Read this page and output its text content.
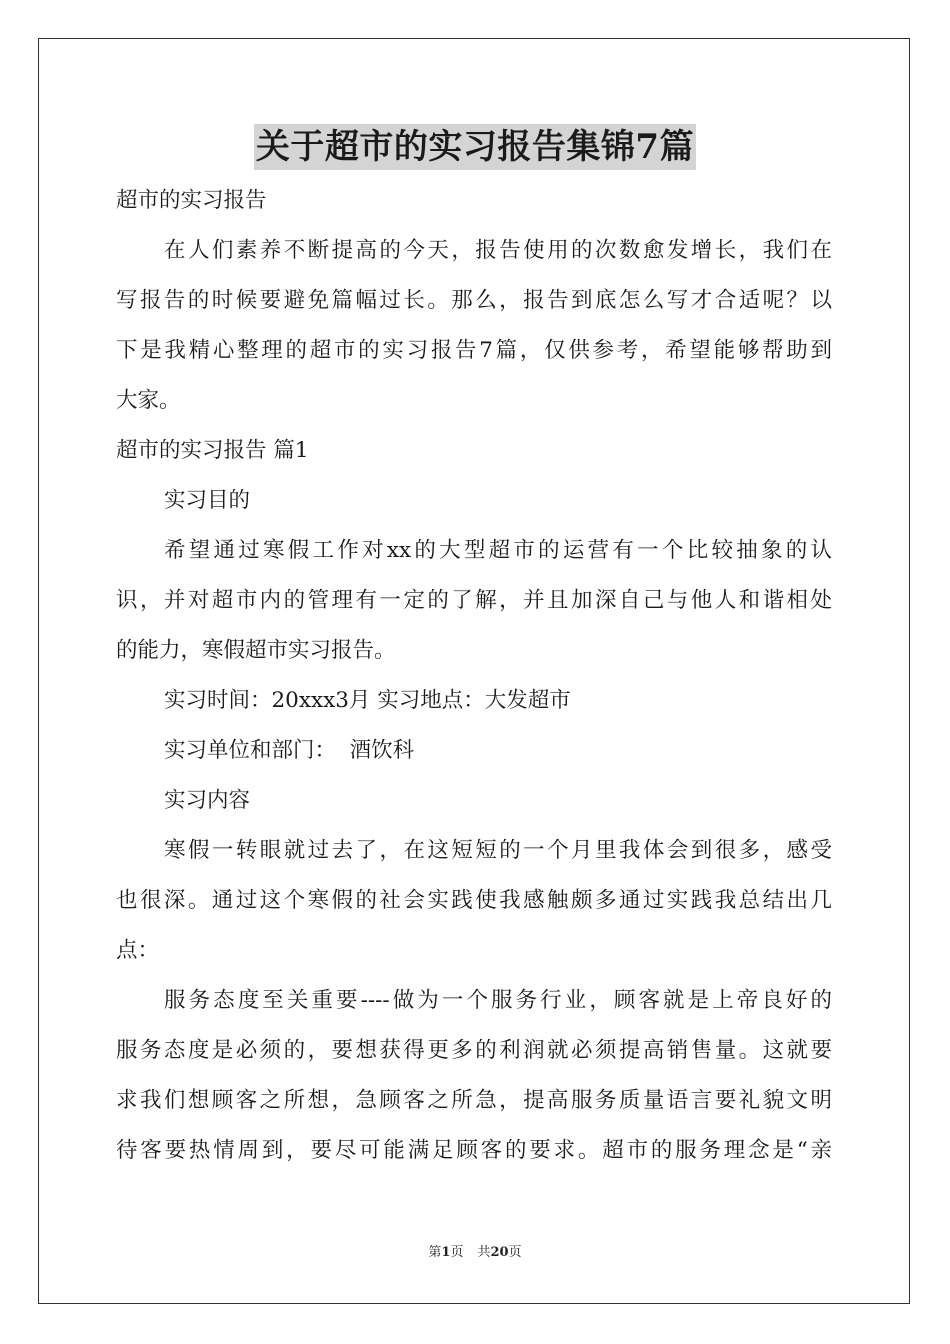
关于超市的实习报告集锦7篇
超市的实习报告
在人们素养不断提高的今天，报告使用的次数愈发增长，我们在
写报告的时候要避免篇幅过长。那么，报告到底怎么写才合适呢？以
下是我精心整理的超市的实习报告7篇，仅供参考，希望能够帮助到
大家。
超市的实习报告 篇1
实习目的
希望通过寒假工作对xx的大型超市的运营有一个比较抽象的认
识，并对超市内的管理有一定的了解，并且加深自己与他人和谐相处
的能力，寒假超市实习报告。
实习时间：20xxx3月 实习地点：大发超市
实习单位和部门：  酒饮科
实习内容
寒假一转眼就过去了，在这短短的一个月里我体会到很多，感受
也很深。通过这个寒假的社会实践使我感触颇多通过实践我总结出几
点：
服务态度至关重要----做为一个服务行业，顾客就是上帝良好的
服务态度是必须的，要想获得更多的利润就必须提高销售量。这就要
求我们想顾客之所想，急顾客之所急，提高服务质量语言要礼貌文明
待客要热情周到，要尽可能满足顾客的要求。超市的服务理念是“亲
第1页 共20页
